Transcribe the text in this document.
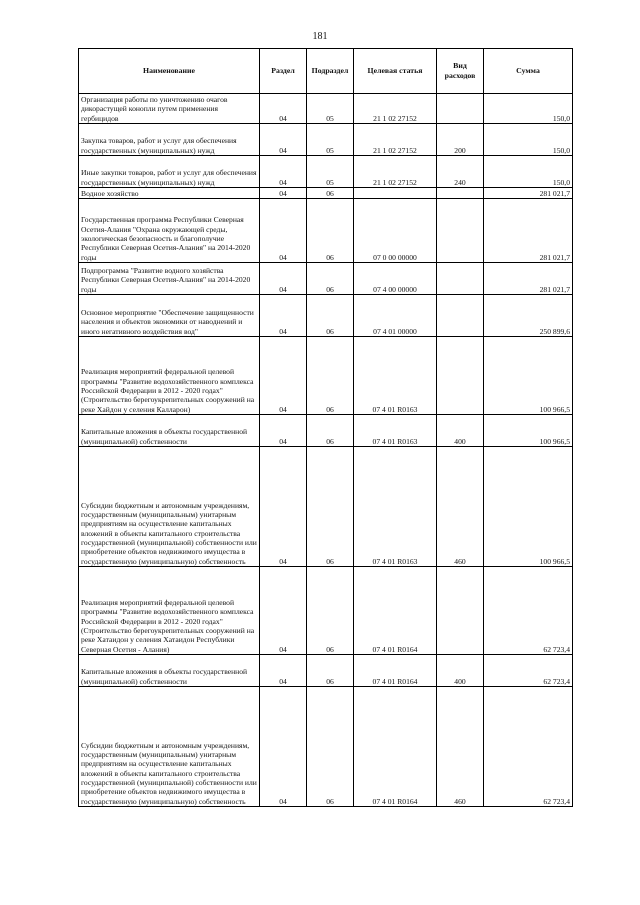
181
Наименование	Раздел	Подраздел	Целевая статья	Вид расходов	Сумма
Организация работы по уничтожению очагов дикорастущей конопли путем применения гербицидов	04	05	21 1 02 27152		150,0
Закупка товаров, работ и услуг для обеспечения государственных (муниципальных) нужд	04	05	21 1 02 27152	200	150,0
Иные закупки товаров, работ и услуг для обеспечения государственных (муниципальных) нужд	04	05	21 1 02 27152	240	150,0
Водное хозяйство	04	06			281 021,7
Государственная программа Республики Северная Осетия-Алания "Охрана окружающей среды, экологическая безопасность и благополучие Республики Северная Осетия-Алания" на 2014-2020 годы	04	06	07 0 00 00000		281 021,7
Подпрограмма "Развитие водного хозяйства Республики Северная Осетия-Алания" на 2014-2020 годы	04	06	07 4 00 00000		281 021,7
Основное мероприятие "Обеспечение защищенности населения и объектов экономики от наводнений и иного негативного воздействия вод"	04	06	07 4 01 00000		250 899,6
Реализация мероприятий федеральной целевой программы "Развитие водохозяйственного комплекса Российской Федерации в 2012 - 2020 годах" (Строительство берегоукрепительных сооружений на реке Хайдон у селения Калларон)	04	06	07 4 01 R0163		100 966,5
Капитальные вложения в объекты государственной (муниципальной) собственности	04	06	07 4 01 R0163	400	100 966,5
Субсидии бюджетным и автономным учреждениям, государственным (муниципальным) унитарным предприятиям на осуществление капитальных вложений в объекты капитального строительства государственной (муниципальной) собственности или приобретение объектов недвижимого имущества в государственную (муниципальную) собственность	04	06	07 4 01 R0163	460	100 966,5
Реализация мероприятий федеральной целевой программы "Развитие водохозяйственного комплекса Российской Федерации в 2012 - 2020 годах" (Строительство берегоукрепительных сооружений на реке Хатаидон у селения Хатаидон Республики Северная Осетия - Алания)	04	06	07 4 01 R0164		62 723,4
Капитальные вложения в объекты государственной (муниципальной) собственности	04	06	07 4 01 R0164	400	62 723,4
Субсидии бюджетным и автономным учреждениям, государственным (муниципальным) унитарным предприятиям на осуществление капитальных вложений в объекты капитального строительства государственной (муниципальной) собственности или приобретение объектов недвижимого имущества в государственную (муниципальную) собственность	04	06	07 4 01 R0164	460	62 723,4
